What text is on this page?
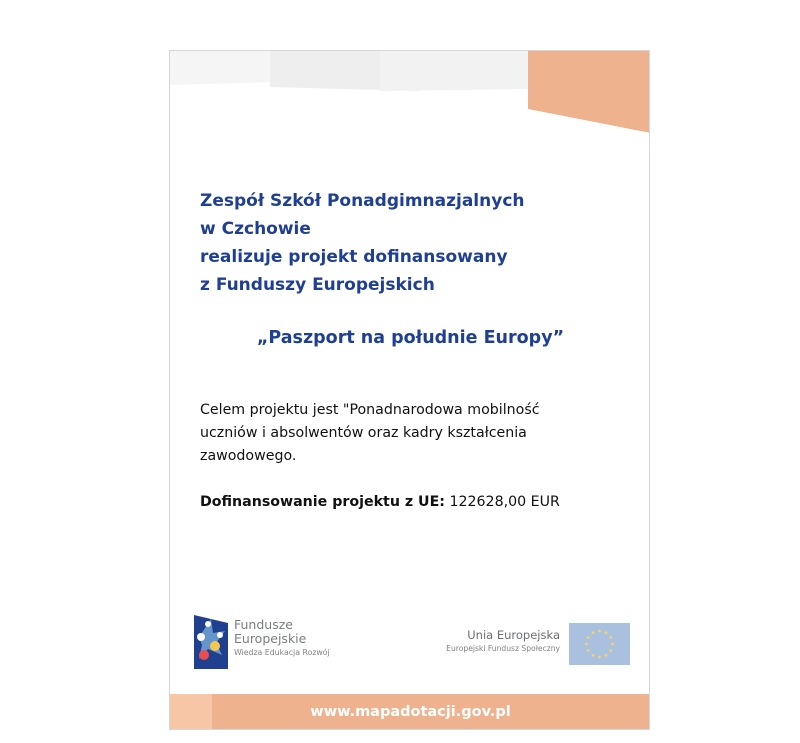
Zespół Szkół Ponadgimnazjalnych
w Czchowie
realizuje projekt dofinansowany
z Funduszy Europejskich
„Paszport na południe Europy”

Celem projektu jest "Ponadnarodowa mobilność
uczniów i absolwentów oraz kadry kształcenia
zawodowego.

Dofinansowanie projektu z UE: 122628,00 EUR

Fundusze
Europejskie
Wiedza Edukacja Rozwój
Unia Europejska
Europejski Fundusz Społeczny
www.mapadotacji.gov.pl
